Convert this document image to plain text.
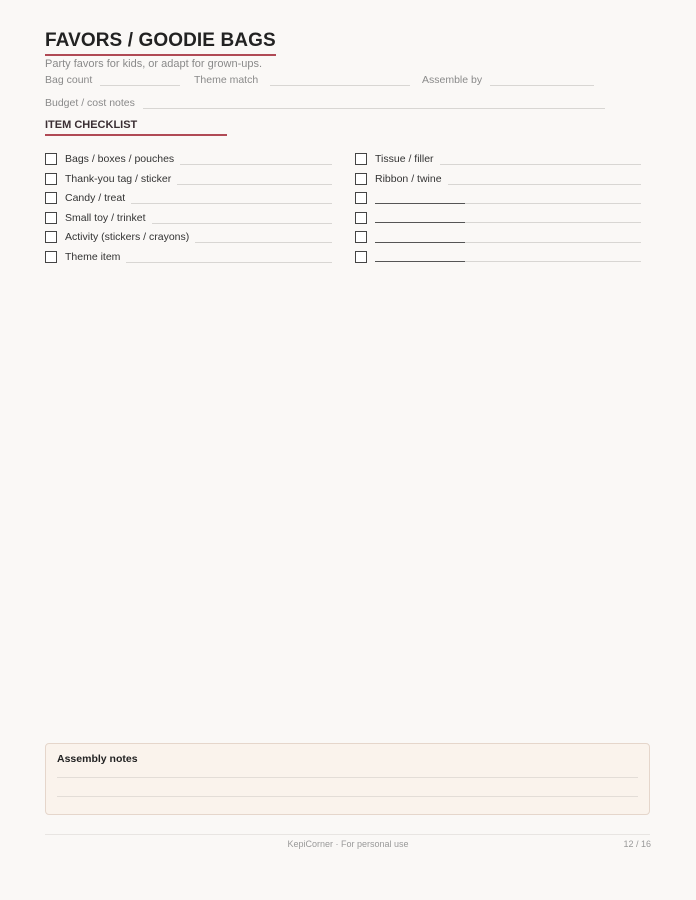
FAVORS / GOODIE BAGS
Party favors for kids, or adapt for grown-ups.
Bag count	Theme match	Assemble by
Budget / cost notes
ITEM CHECKLIST
Bags / boxes / pouches
Thank-you tag / sticker
Candy / treat
Small toy / trinket
Activity (stickers / crayons)
Theme item
Tissue / filler
Ribbon / twine
Assembly notes
KepiCorner · For personal use	12 / 16
